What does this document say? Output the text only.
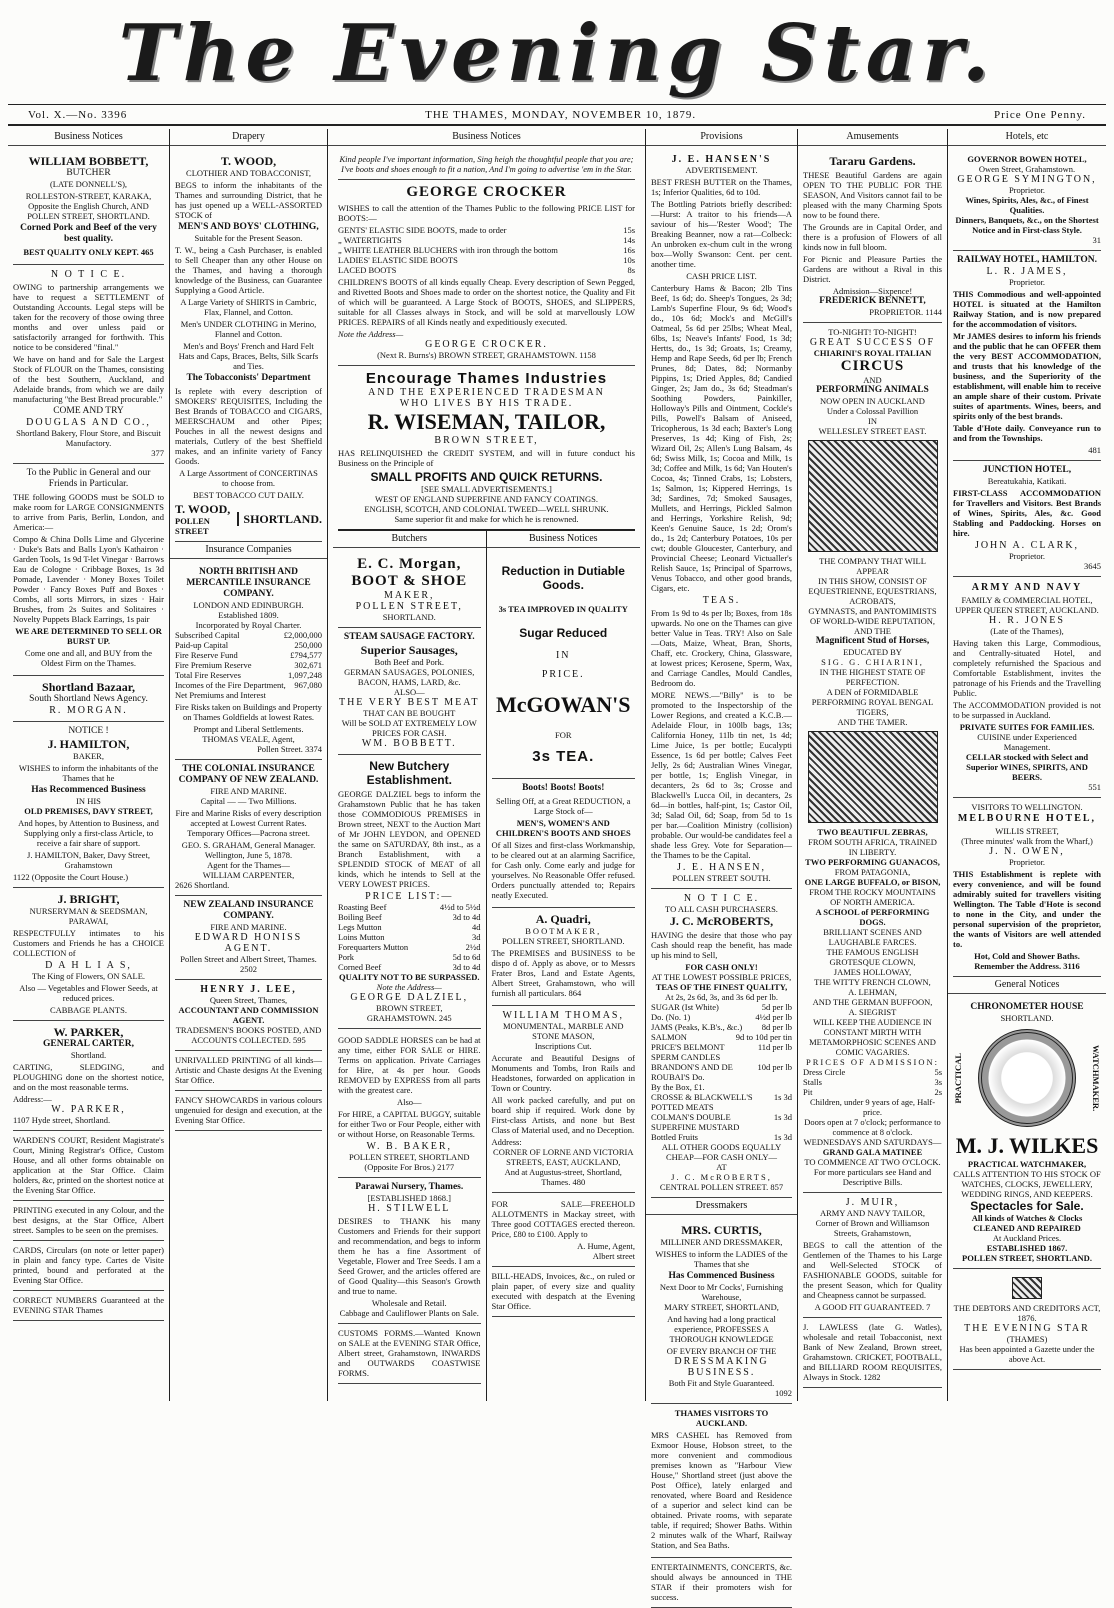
The Evening Star.
Vol. X.—No. 3396	THE THAMES, MONDAY, NOVEMBER 10, 1879.	Price One Penny.
Business Notices
WILLIAM BOBBETT,
BUTCHER
(LATE DONNELL'S),

ROLLESTON-STREET, KARAKA, Opposite the English Church, AND POLLEN STREET, SHORTLAND.

Corned Pork and Beef of the very best quality.

BEST QUALITY ONLY KEPT. 465

N O T I C E.

OWING to partnership arrangements we have to request a SETTLEMENT of Outstanding Accounts. Legal steps will be taken for the recovery of those owing three months and over unless paid or satisfactorily arranged for forthwith. This notice to be considered "final."

We have on hand and for Sale the Largest Stock of FLOUR on the Thames, consisting of the best Southern, Auckland, and Adelaide brands, from which we are daily manufacturing "the Best Bread procurable."

COME AND TRY
DOUGLAS AND CO.,
Shortland Bakery, Flour Store, and Biscuit Manufactory.
377
To the Public in General and our Friends in Particular.

THE following GOODS must be SOLD to make room for LARGE CONSIGNMENTS to arrive from Paris, Berlin, London, and America:—

Compo & China Dolls Lime and Glycerine · Duke's Bats and Balls Lyon's Kathairon · Garden Tools, 1s 9d T-let Vinegar · Barrows Eau de Cologne · Cribbage Boxes, 1s 3d Pomade, Lavender · Money Boxes Toilet Powder · Fancy Boxes Puff and Boxes · Combs, all sorts Mirrors, in sizes · Hair Brushes, from 2s Suites and Solitaires · Novelty Puppets Black Earrings, 1s pair

WE ARE DETERMINED TO SELL OR BURST UP.

Come one and all, and BUY from the Oldest Firm on the Thames.

Shortland Bazaar,
South Shortland News Agency.
R. MORGAN.
NOTICE !
J. HAMILTON,
BAKER,

WISHES to inform the inhabitants of the Thames that he

Has Recommenced Business
IN HIS
OLD PREMISES, DAVY STREET,

And hopes, by Attention to Business, and Supplying only a first-class Article, to receive a fair share of support.

J. HAMILTON, Baker, Davy Street, Grahamstown

1122 (Opposite the Court House.)
J. BRIGHT,
NURSERYMAN & SEEDSMAN,
PARAWAI,

RESPECTFULLY intimates to his Customers and Friends he has a CHOICE COLLECTION of

D A H L I A S,
The King of Flowers, ON SALE.

Also — Vegetables and Flower Seeds, at reduced prices.

CABBAGE PLANTS.
W. PARKER,
GENERAL CARTER,
Shortland.

CARTING, SLEDGING, and PLOUGHING done on the shortest notice, and on the most reasonable terms.

Address:—
W. PARKER,
1107 Hyde street, Shortland.
WARDEN'S COURT, Resident Magistrate's Court, Mining Registrar's Office, Custom House, and all other forms obtainable on application at the Star Office. Claim holders, &c, printed on the shortest notice at the Evening Star Office.
PRINTING executed in any Colour, and the best designs, at the Star Office, Albert street. Samples to be seen on the premises.
CARDS, Circulars (on note or letter paper) in plain and fancy type. Cartes de Visite printed, bound and perforated at the Evening Star Office.
CORRECT NUMBERS Guaranteed at the EVENING STAR Thames
Drapery
T. WOOD,
CLOTHIER AND TOBACCONIST,

BEGS to inform the inhabitants of the Thames and surrounding District, that he has just opened up a WELL-ASSORTED STOCK of

MEN'S AND BOYS' CLOTHING,
Suitable for the Present Season.

T. W., being a Cash Purchaser, is enabled to Sell Cheaper than any other House on the Thames, and having a thorough knowledge of the Business, can Guarantee Supplying a Good Article.

A Large Variety of SHIRTS in Cambric, Flax, Flannel, and Cotton.

Men's UNDER CLOTHING in Merino, Flannel and Cotton.

Men's and Boys' French and Hard Felt Hats and Caps, Braces, Belts, Silk Scarfs and Ties.

The Tobacconists' Department

Is replete with every description of SMOKERS' REQUISITES, Including the Best Brands of TOBACCO and CIGARS, MEERSCHAUM and other Pipes; Pouches in all the newest designs and materials, Cutlery of the best Sheffield makes, and an infinite variety of Fancy Goods.

A Large Assortment of CONCERTINAS to choose from.

BEST TOBACCO CUT DAILY.

T. WOOD,
POLLEN STREET
SHORTLAND.
Insurance Companies
NORTH BRITISH AND MERCANTILE INSURANCE COMPANY.
LONDON AND EDINBURGH.
Established 1809.
Incorporated by Royal Charter.
Subscribed Capital	£2,000,000
Paid-up Capital	250,000
Fire Reserve Fund	£794,577
Fire Premium Reserve	302,671
Total Fire Reserves	1,097,248
Incomes of the Fire Department, Net Premiums and Interest
967,080

Fire Risks taken on Buildings and Property on Thames Goldfields at lowest Rates.

Prompt and Liberal Settlements.
THOMAS VEALE, Agent,
Pollen Street. 3374
THE COLONIAL INSURANCE COMPANY OF NEW ZEALAND.
FIRE AND MARINE.
Capital — — Two Millions.

Fire and Marine Risks of every description accepted at Lowest Current Rates. Temporary Offices—Pacrona street.

GEO. S. GRAHAM, General Manager.
Wellington, June 5, 1878.
Agent for the Thames—
WILLIAM CARPENTER,
2626 Shortland.
NEW ZEALAND INSURANCE COMPANY.
FIRE AND MARINE.
EDWARD HONISS AGENT.
Pollen Street and Albert Street, Thames. 2502
HENRY J. LEE,
Queen Street, Thames,
ACCOUNTANT AND COMMISSION AGENT.
TRADESMEN'S BOOKS POSTED, AND ACCOUNTS COLLECTED. 595
UNRIVALLED PRINTING of all kinds—Artistic and Chaste designs At the Evening Star Office.
FANCY SHOWCARDS in various colours ungenuied for design and execution, at the Evening Star Office.
Business Notices
Kind people I've important information, Sing heigh the thoughtful people that you are; I've boots and shoes enough to fit a nation, And I'm going to advertise 'em in the Star.
GEORGE CROCKER

WISHES to call the attention of the Thames Public to the following PRICE LIST for BOOTS:—

GENTS' ELASTIC SIDE BOOTS, made to order	15s
„ WATERTIGHTS	14s
„ WHITE LEATHER BLUCHERS with iron through the bottom	16s
LADIES' ELASTIC SIDE BOOTS	10s
LACED BOOTS	8s

CHILDREN'S BOOTS of all kinds equally Cheap. Every description of Sewn Pegged, and Rivetted Boots and Shoes made to order on the shortest notice, the Quality and Fit of which will be guaranteed. A Large Stock of BOOTS, SHOES, and SLIPPERS, suitable for all Classes always in Stock, and will be sold at marvellously LOW PRICES. REPAIRS of all Kinds neatly and expeditiously executed.

Note the Address—
GEORGE CROCKER.
(Next R. Burns's) BROWN STREET, GRAHAMSTOWN. 1158
Encourage Thames Industries
AND THE EXPERIENCED TRADESMAN
WHO LIVES BY HIS TRADE.
R. WISEMAN, TAILOR,
BROWN STREET,

HAS RELINQUISHED the CREDIT SYSTEM, and will in future conduct his Business on the Principle of

SMALL PROFITS AND QUICK RETURNS.
[SEE SMALL ADVERTISEMENTS.]
WEST OF ENGLAND SUPERFINE AND FANCY COATINGS.
ENGLISH, SCOTCH, AND COLONIAL TWEED—WELL SHRUNK.
Same superior fit and make for which he is renowned.
Butchers
E. C. Morgan,
BOOT & SHOE
MAKER,
POLLEN STREET,
SHORTLAND.
STEAM SAUSAGE FACTORY.
Superior Sausages,
Both Beef and Pork.
GERMAN SAUSAGES, POLONIES,
BACON, HAMS, LARD, &c.
ALSO—
THE VERY BEST MEAT
THAT CAN BE BOUGHT
Will be SOLD AT EXTREMELY LOW
PRICES FOR CASH.
WM. BOBBETT.
New Butchery Establishment.

GEORGE DALZIEL begs to inform the Grahamstown Public that he has taken those COMMODIOUS PREMISES in Brown street, NEXT to the Auction Mart of Mr JOHN LEYDON, and OPENED the same on SATURDAY, 8th inst., as a Branch Establishment, with a SPLENDID STOCK of MEAT of all kinds, which he intends to Sell at the VERY LOWEST PRICES.

PRICE LIST:—
Roasting Beef	4½d to 5½d
Boiling Beef	3d to 4d
Legs Mutton	4d
Loins Mutton	3d
Forequarters Mutton	2½d
Pork	5d to 6d
Corned Beef	3d to 4d
QUALITY NOT TO BE SURPASSED.
Note the Address—
GEORGE DALZIEL,
BROWN STREET,
GRAHAMSTOWN. 245

GOOD SADDLE HORSES can be had at any time, either FOR SALE or HIRE. Terms on application. Private Carriages for Hire, at 4s per hour. Goods REMOVED by EXPRESS from all parts with the greatest care.

Also—

For HIRE, a CAPITAL BUGGY, suitable for either Two or Four People, either with or without Horse, on Reasonable Terms.

W. B. BAKER,
POLLEN STREET, SHORTLAND
(Opposite For Bros.) 2177
Parawai Nursery, Thames.
[ESTABLISHED 1868.]
H. STILWELL

DESIRES to THANK his many Customers and Friends for their support and recommendation, and begs to inform them he has a fine Assortment of Vegetable, Flower and Tree Seeds. I am a Seed Grower, and the articles offered are of Good Quality—this Season's Growth and true to name.

Wholesale and Retail.
Cabbage and Cauliflower Plants on Sale.
CUSTOMS FORMS.—Wanted Known on SALE at the EVENING STAR Office, Albert street, Grahamstown, INWARDS and OUTWARDS COASTWISE FORMS.
Business Notices
Reduction in Dutiable Goods.
3s TEA IMPROVED IN QUALITY
Sugar Reduced
IN
PRICE.
McGOWAN'S
FOR
3s TEA.
Boots! Boots! Boots!

Selling Off, at a Great REDUCTION, a Large Stock of—

MEN'S, WOMEN'S AND CHILDREN'S BOOTS AND SHOES

Of all Sizes and first-class Workmanship, to be cleared out at an alarming Sacrifice, for Cash only. Come early and judge for yourselves. No Reasonable Offer refused. Orders punctually attended to; Repairs neatly Executed.

A. Quadri,
BOOTMAKER,
POLLEN STREET, SHORTLAND.

The PREMISES and BUSINESS to be dispo d of. Apply as above, or to Messrs Frater Bros, Land and Estate Agents, Albert Street, Grahamstown, who will furnish all particulars. 864

WILLIAM THOMAS,
MONUMENTAL, MARBLE AND STONE MASON,
Inscriptions Cut.

Accurate and Beautiful Designs of Monuments and Tombs, Iron Rails and Headstones, forwarded on application in Town or Country.

All work packed carefully, and put on board ship if required. Work done by First-class Artists, and none but Best Class of Material used, and no Deception.

Address:
CORNER OF LORNE AND VICTORIA STREETS, EAST, AUCKLAND,
And at Augustus-street, Shortland, Thames. 480

FOR SALE—FREEHOLD ALLOTMENTS in Mackay street, with Three good COTTAGES erected thereon. Price, £80 to £100. Apply to

A. Hume, Agent,
Albert street
BILL-HEADS, Invoices, &c., on ruled or plain paper, of every size and quality executed with despatch at the Evening Star Office.
Provisions
J. E. HANSEN'S
ADVERTISEMENT.

BEST FRESH BUTTER on the Thames, 1s; Inferior Qualities, 6d to 10d.

The Bottling Patriots briefly described:—Hurst: A traitor to his friends—A saviour of his—'Rester Wood'; The Breaking Beanner, now a rat—Colbeck: An unbroken ex-chum cult in the wrong box—Wolly Swanson: Cent. per cent. another time.

CASH PRICE LIST.

Canterbury Hams & Bacon; 2lb Tins Beef, 1s 6d; do. Sheep's Tongues, 2s 3d; Lamb's Superfine Flour, 9s 6d; Wood's do., 10s 6d; Mock's and McGill's Oatmeal, 5s 6d per 25lbs; Wheat Meal, 6lbs, 1s; Neave's Infants' Food, 1s 3d; Hertts, do., 1s 3d; Groats, 1s; Creamy, Hemp and Rape Seeds, 6d per lb; French Prunes, 8d; Dates, 8d; Normanby Pippins, 1s; Dried Apples, 8d; Candied Ginger, 2s; Jam do., 3s 6d; Steadman's Soothing Powders, Painkiller, Holloway's Pills and Ointment, Cockle's Pills, Powell's Balsam of Aniseed, Tricopherous, 1s 3d each; Baxter's Long Preserves, 1s 4d; King of Fish, 2s; Wizard Oil, 2s; Allen's Lung Balsam, 4s 6d; Swiss Milk, 1s; Cocoa and Milk, 1s 3d; Coffee and Milk, 1s 6d; Van Houten's Cocoa, 4s; Tinned Crabs, 1s; Lobsters, 1s; Salmon, 1s; Kippered Herrings, 1s 3d; Sardines, 7d; Smoked Sausages, Mullets, and Herrings, Pickled Salmon and Herrings, Yorkshire Relish, 9d; Keen's Genuine Sauce, 1s 2d; Orom's do., 1s 2d; Canterbury Potatoes, 10s per cwt; double Gloucester, Canterbury, and Provincial Cheese; Leonard Victualler's Relish Sauce, 1s; Principal of Sparrows, Venus Tobacco, and other good brands, Cigars, etc.

TEAS.

From 1s 9d to 4s per lb; Boxes, from 18s upwards. No one on the Thames can give better Value in Teas. TRY! Also on Sale—Oats, Maize, Wheat, Bran, Shorts, Chaff, etc. Crockery, China, Glassware, at lowest prices; Kerosene, Sperm, Wax, and Carriage Candles, Mould Candles, Bedroom do.

MORE NEWS.—"Billy" is to be promoted to the Inspectorship of the Lower Regions, and created a K.C.B.—Adelaide Flour, in 100lb bags, 13s; California Honey, 11lb tin net, 1s 4d; Lime Juice, 1s per bottle; Eucalypti Essence, 1s 6d per bottle; Calves Feet Jelly, 2s 6d; Australian Wines Vinegar, per bottle, 1s; English Vinegar, in decanters, 2s 6d to 3s; Crosse and Blackwell's Lucca Oil, in decanters, 2s 6d—in bottles, half-pint, 1s; Castor Oil, 3d; Salad Oil, 6d; Soap, from 5d to 1s per bar.—Coalition Ministry (collision) probable. Our would-be candidates feel a shade less Grey. Vote for Separation—the Thames to be the Capital.

J. E. HANSEN,
POLLEN STREET SOUTH.
N O T I C E.
TO ALL CASH PURCHASERS.
J. C. McROBERTS,

HAVING the desire that those who pay Cash should reap the benefit, has made up his mind to Sell,

FOR CASH ONLY!
AT THE LOWEST POSSIBLE PRICES,
TEAS OF THE FINEST QUALITY,
At 2s, 2s 6d, 3s, and 3s 6d per lb.
SUGAR (Ist White)	5d per lb
Do. (No. 1)	4½d per lb
JAMS (Peaks, K.B's., &c.)	8d per lb
SALMON	9d to 10d per tin
PRICE'S BELMONT SPERM CANDLES
11d per lb
BRANDON'S AND DE ROUBAI'S Do.
10d per lb
By the Box, £1.
CROSSE & BLACKWELL'S POTTED MEATS
1s 3d
COLMAN'S DOUBLE SUPERFINE MUSTARD
1s 3d
Bottled Fruits	1s 3d
ALL OTHER GOODS EQUALLY CHEAP—FOR CASH ONLY—
AT
J. C. McROBERTS,
CENTRAL POLLEN STREET. 857
Dressmakers
MRS. CURTIS,
MILLINER AND DRESSMAKER,

WISHES to inform the LADIES of the Thames that she

Has Commenced Business
Next Door to Mr Cocks', Furnishing Warehouse,
MARY STREET, SHORTLAND,

And having had a long practical experience, PROFESSES A THOROUGH KNOWLEDGE

OF EVERY BRANCH OF THE
DRESSMAKING BUSINESS.
Both Fit and Style Guaranteed.
1092
THAMES VISITORS TO AUCKLAND.

MRS CASHEL has Removed from Exmoor House, Hobson street, to the more convenient and commodious premises known as "Harbour View House," Shortland street (just above the Post Office), lately enlarged and renovated, where Board and Residence of a superior and select kind can be obtained. Private rooms, with separate table, if required; Shower Baths. Within 2 minutes walk of the Wharf, Railway Station, and Sea Baths.

ENTERTAINMENTS, CONCERTS, &c. should always be announced in THE STAR if their promoters wish for success.
Amusements
Tararu Gardens.

THESE Beautiful Gardens are again OPEN TO THE PUBLIC FOR THE SEASON, And Visitors cannot fail to be pleased with the many Charming Spots now to be found there.

The Grounds are in Capital Order, and there is a profusion of Flowers of all kinds now in full bloom.

For Picnic and Pleasure Parties the Gardens are without a Rival in this District.

Admission—Sixpence!
FREDERICK BENNETT,
PROPRIETOR. 1144
TO-NIGHT! TO-NIGHT!
GREAT SUCCESS OF
CHIARINI'S ROYAL ITALIAN
CIRCUS
AND
PERFORMING ANIMALS
NOW OPEN IN AUCKLAND
Under a Colossal Pavillion
IN
WELLESLEY STREET EAST.
THE COMPANY THAT WILL APPEAR
IN THIS SHOW, CONSIST OF
EQUESTRIENNE, EQUESTRIANS, ACROBATS,
GYMNASTS, and PANTOMIMISTS
OF WORLD-WIDE REPUTATION,
AND THE
Magnificent Stud of Horses,
EDUCATED BY
SIG. G. CHIARINI,
IN THE HIGHEST STATE OF PERFECTION.
A DEN of FORMIDABLE PERFORMING ROYAL BENGAL TIGERS,
AND THE TAMER.
TWO BEAUTIFUL ZEBRAS,
FROM SOUTH AFRICA, TRAINED IN LIBERTY.
TWO PERFORMING GUANACOS,
FROM PATAGONIA,
ONE LARGE BUFFALO, or BISON,
FROM THE ROCKY MOUNTAINS OF NORTH AMERICA.
A SCHOOL of PERFORMING DOGS.
BRILLIANT SCENES AND LAUGHABLE FARCES.
THE FAMOUS ENGLISH GROTESQUE CLOWN,
JAMES HOLLOWAY,
THE WITTY FRENCH CLOWN,
A. LEHMAN,
AND THE GERMAN BUFFOON,
A. SIEGRIST
WILL KEEP THE AUDIENCE IN CONSTANT MIRTH WITH METAMORPHOSIC SCENES AND COMIC VAGARIES.
PRICES OF ADMISSION:
Dress Circle	5s
Stalls	3s
Pit	2s
Children, under 9 years of age, Half-price.
Doors open at 7 o'clock; performance to commence at 8 o'clock.
WEDNESDAYS AND SATURDAYS—
GRAND GALA MATINEE
TO COMMENCE AT TWO O'CLOCK.
For more particulars see Hand and Descriptive Bills.
J. MUIR,
ARMY AND NAVY TAILOR,
Corner of Brown and Williamson Streets, Grahamstown,

BEGS to call the attention of the Gentlemen of the Thames to his Large and Well-Selected STOCK of FASHIONABLE GOODS, suitable for the present Season, which for Quality and Cheapness cannot be surpassed.

A GOOD FIT GUARANTEED. 7
J. LAWLESS (late G. Watles), wholesale and retail Tobacconist, next Bank of New Zealand, Brown street, Grahamstown. CRICKET, FOOTBALL, and BILLIARD ROOM REQUISITES, Always in Stock. 1282
Hotels, etc
GOVERNOR BOWEN HOTEL,
Owen Street, Grahamstown.
GEORGE SYMINGTON,
Proprietor.
Wines, Spirits, Ales, &c., of Finest Qualities.
Dinners, Banquets, &c., on the Shortest Notice and in First-class Style.
31
RAILWAY HOTEL, HAMILTON.
L. R. JAMES,
Proprietor.

THIS Commodious and well-appointed HOTEL is situated at the Hamilton Railway Station, and is now prepared for the accommodation of visitors.

Mr JAMES desires to inform his friends and the public that he can OFFER them the very BEST ACCOMMODATION, and trusts that his knowledge of the business, and the Superiority of the establishment, will enable him to receive an ample share of their custom. Private suites of apartments. Wines, beers, and spirits only of the best brands.

Table d'Hote daily. Conveyance run to and from the Townships.

481
JUNCTION HOTEL,
Bereatukahia, Katikati.

FIRST-CLASS ACCOMMODATION for Travellers and Visitors. Best Brands of Wines, Spirits, Ales, &c. Good Stabling and Paddocking. Horses on hire.

JOHN A. CLARK,
Proprietor.
3645
ARMY AND NAVY
FAMILY & COMMERCIAL HOTEL,
UPPER QUEEN STREET, AUCKLAND.
H. R. JONES
(Late of the Thames),

Having taken this Large, Commodious, and Centrally-situated Hotel, and completely refurnished the Spacious and Comfortable Establishment, invites the patronage of his Friends and the Travelling Public.

The ACCOMMODATION provided is not to be surpassed in Auckland.

PRIVATE SUITES FOR FAMILIES.
CUISINE under Experienced Management.
CELLAR stocked with Select and Superior WINES, SPIRITS, AND BEERS.
551
VISITORS TO WELLINGTON.
MELBOURNE HOTEL,
WILLIS STREET,
(Three minutes' walk from the Wharf,)
J. N. OWEN,
Proprietor.

THIS Establishment is replete with every convenience, and will be found admirably suited for travellers visiting Wellington. The Table d'Hote is second to none in the City, and under the personal supervision of the proprietor, the wants of Visitors are well attended to.

Hot, Cold and Shower Baths.
Remember the Address. 3116
General Notices
CHRONOMETER HOUSE
SHORTLAND.
PRACTICAL	WATCHMAKER.
M. J. WILKES
PRACTICAL WATCHMAKER,
CALLS ATTENTION TO HIS STOCK OF
WATCHES, CLOCKS, JEWELLERY, WEDDING RINGS, AND KEEPERS.
Spectacles for Sale.
All kinds of Watches & Clocks
CLEANED AND REPAIRED
At Auckland Prices.
ESTABLISHED 1867.
POLLEN STREET, SHORTLAND.
THE DEBTORS AND CREDITORS ACT, 1876.
THE EVENING STAR
(THAMES)
Has been appointed a Gazette under the above Act.
